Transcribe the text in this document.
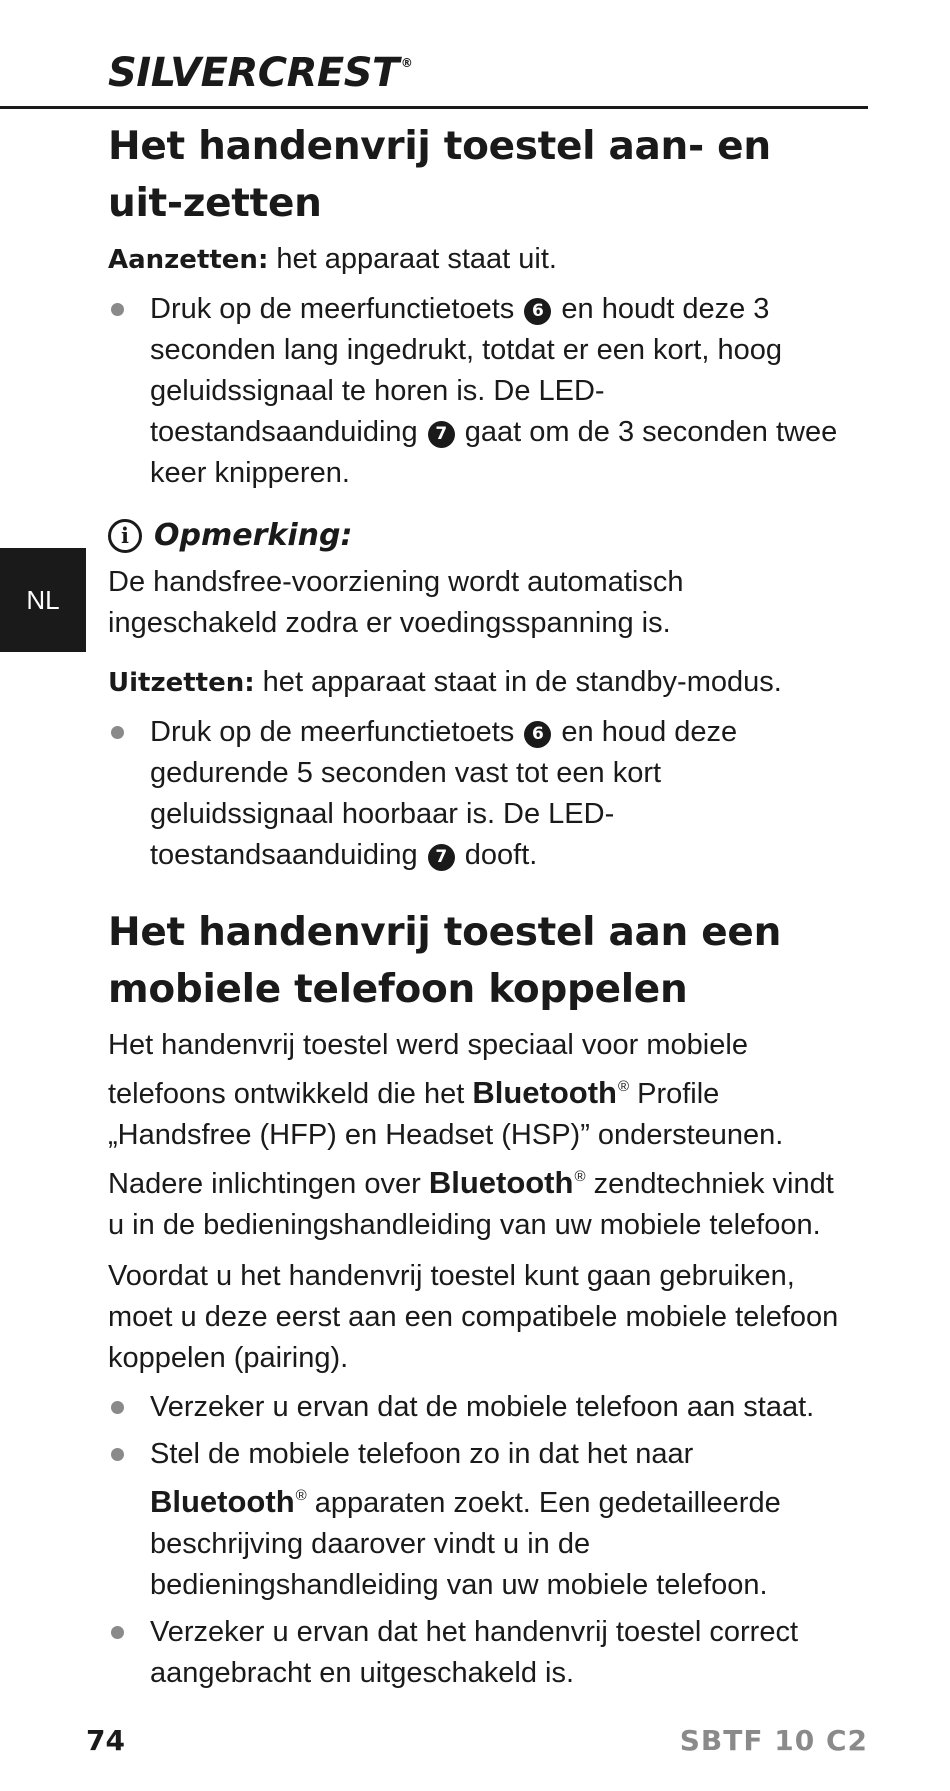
SILVERCREST ®
NL
Het handenvrij toestel aan- en uit-zetten

Aanzetten: het apparaat staat uit.

Druk op de meerfunctietoets 6 en houdt deze 3 seconden lang ingedrukt, totdat er een kort, hoog geluidssignaal te horen is. De LED-toestandsaanduiding 7 gaat om de 3 seconden twee keer knipperen.
i Opmerking:

De handsfree-voorziening wordt automatisch ingeschakeld zodra er voedingsspanning is.

Uitzetten: het apparaat staat in de standby-modus.

Druk op de meerfunctietoets 6 en houd deze gedurende 5 seconden vast tot een kort geluidssignaal hoorbaar is. De LED-toestandsaanduiding 7 dooft.
Het handenvrij toestel aan een mobiele telefoon koppelen

Het handenvrij toestel werd speciaal voor mobiele telefoons ontwikkeld die het Bluetooth® Profile „Handsfree (HFP) en Headset (HSP)” ondersteunen. Nadere inlichtingen over Bluetooth® zendtechniek vindt u in de bedieningshandleiding van uw mobiele telefoon.

Voordat u het handenvrij toestel kunt gaan gebruiken, moet u deze eerst aan een compatibele mobiele telefoon koppelen (pairing).

Verzeker u ervan dat de mobiele telefoon aan staat.
Stel de mobiele telefoon zo in dat het naar Bluetooth® apparaten zoekt. Een gedetailleerde beschrijving daarover vindt u in de bedieningshandleiding van uw mobiele telefoon.
Verzeker u ervan dat het handenvrij toestel correct aangebracht en uitgeschakeld is.
74	SBTF 10 C2
